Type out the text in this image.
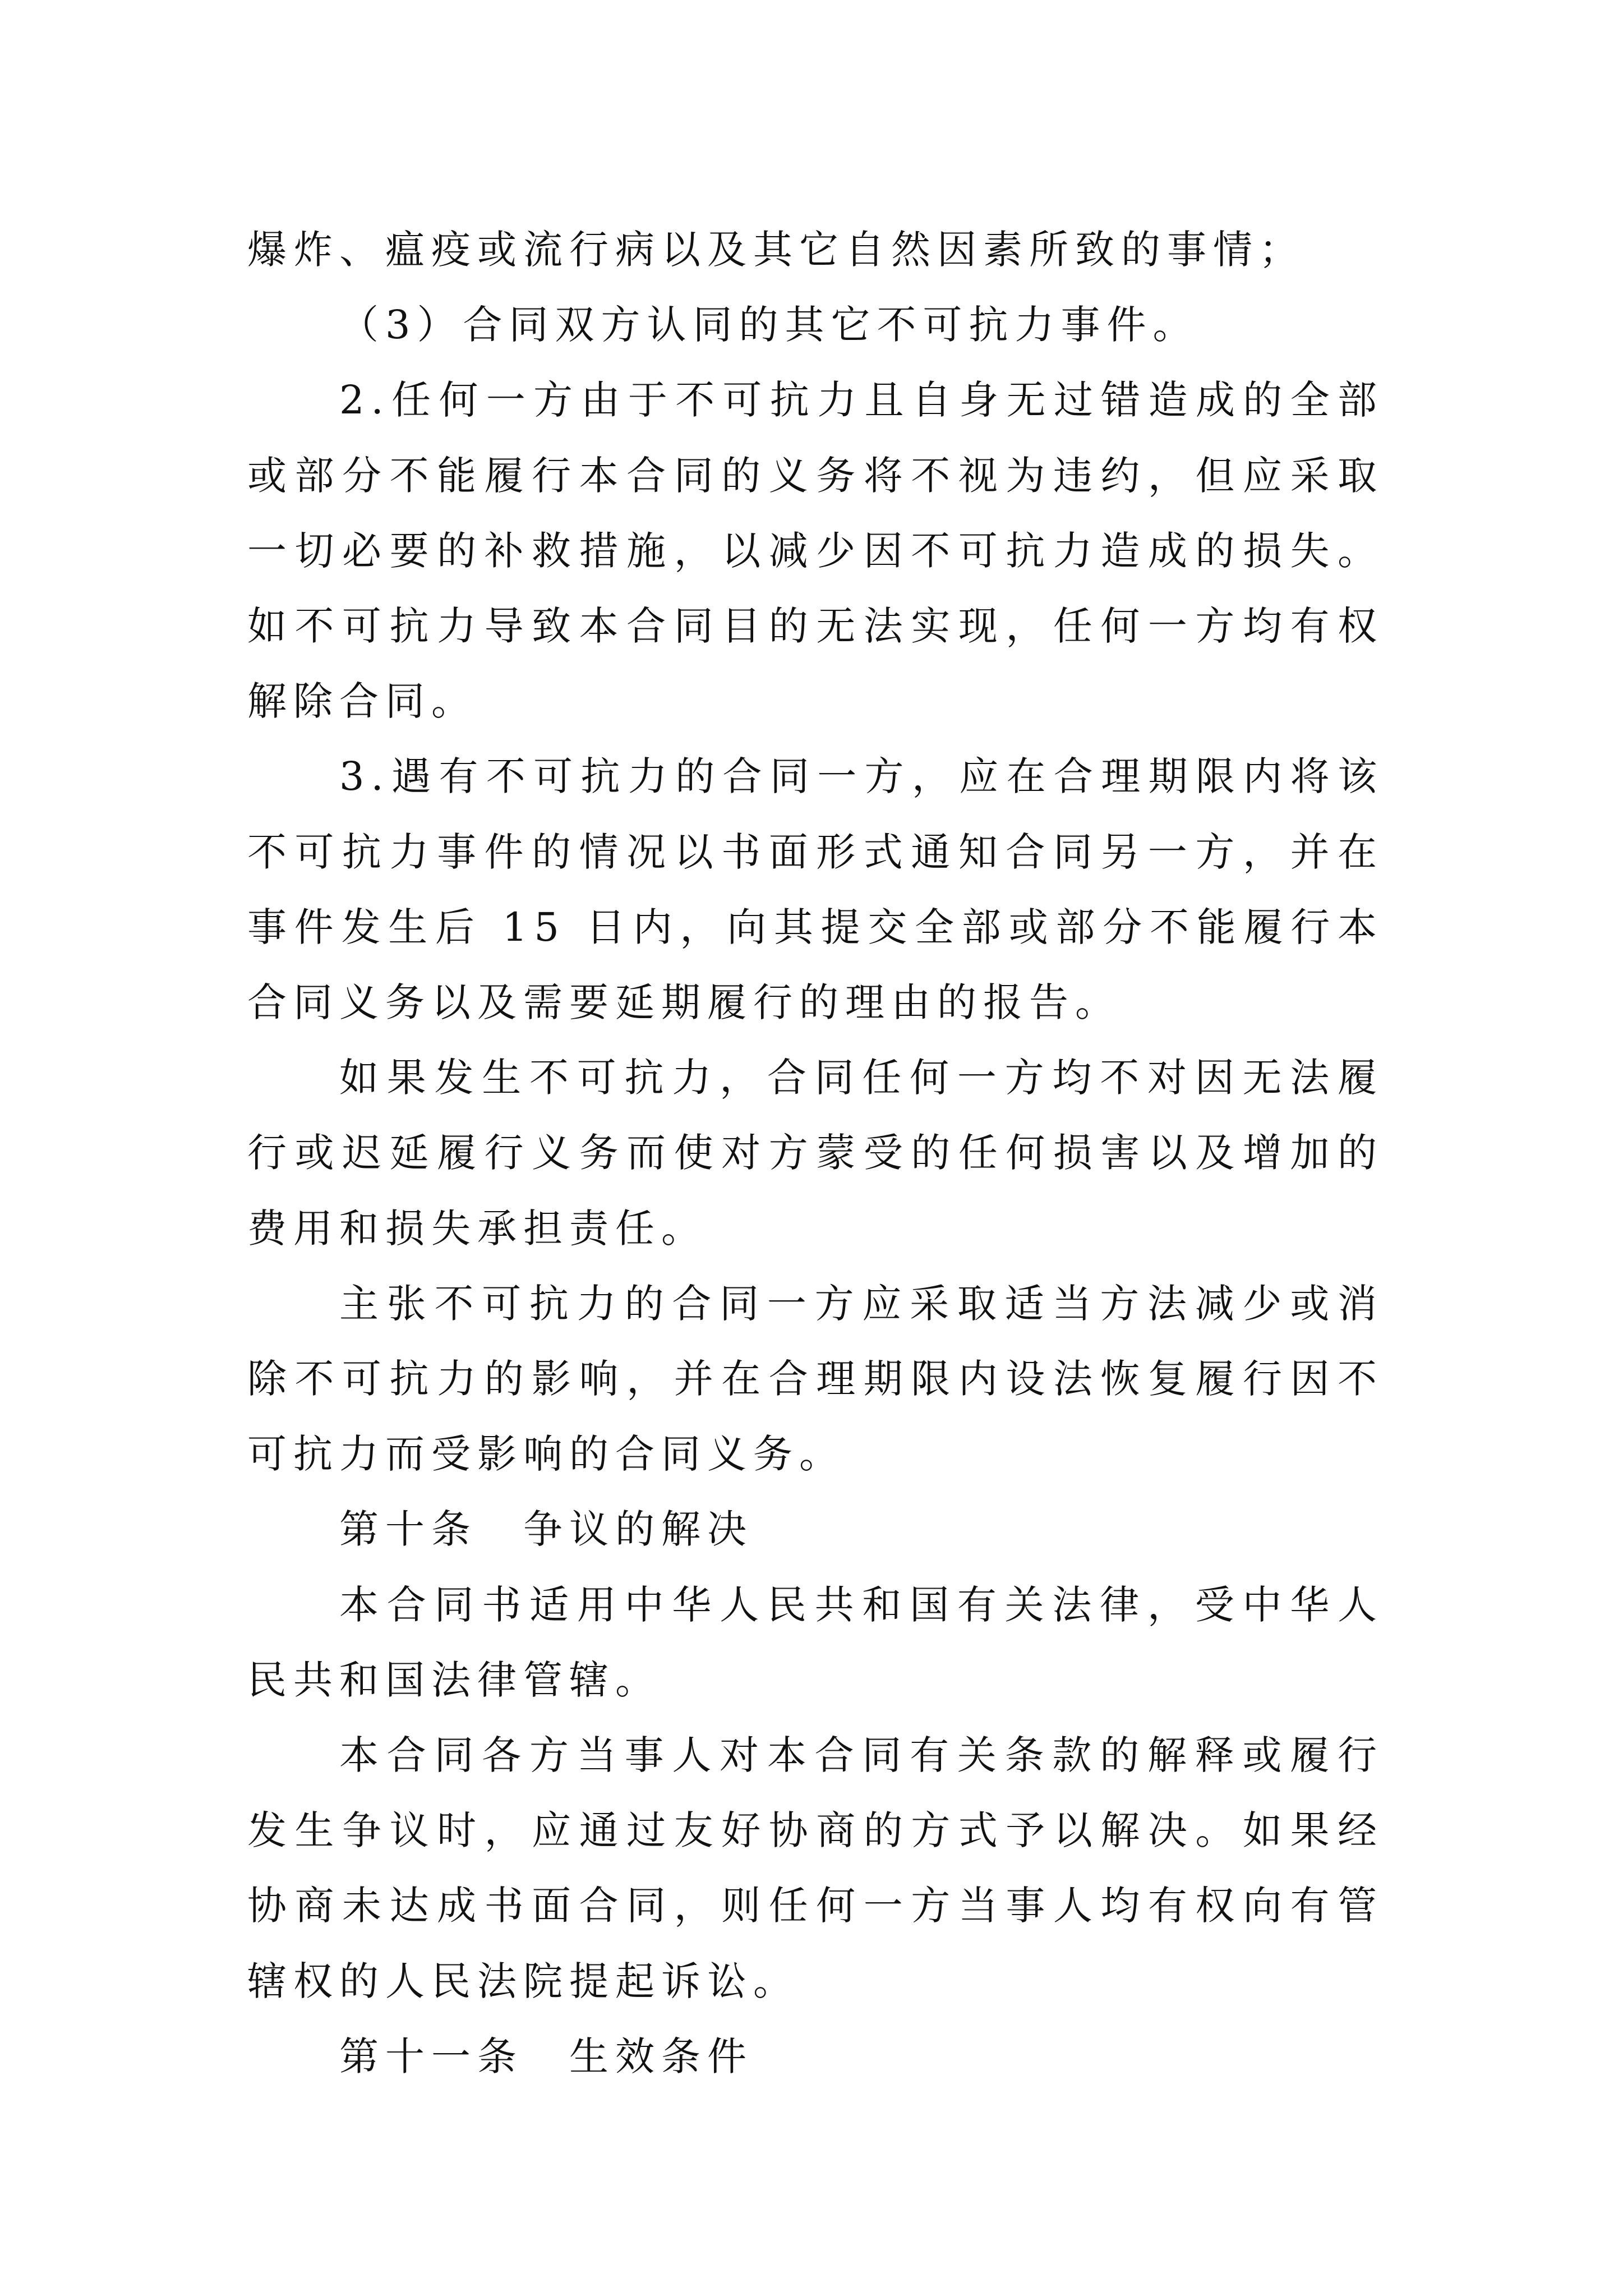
爆炸、瘟疫或流行病以及其它自然因素所致的事情；

（3）合同双方认同的其它不可抗力事件。

2.任何一方由于不可抗力且自身无过错造成的全部或部分不能履行本合同的义务将不视为违约，但应采取一切必要的补救措施，以减少因不可抗力造成的损失。如不可抗力导致本合同目的无法实现，任何一方均有权解除合同。

3.遇有不可抗力的合同一方，应在合理期限内将该不可抗力事件的情况以书面形式通知合同另一方，并在事件发生后 15 日内，向其提交全部或部分不能履行本合同义务以及需要延期履行的理由的报告。

如果发生不可抗力，合同任何一方均不对因无法履行或迟延履行义务而使对方蒙受的任何损害以及增加的费用和损失承担责任。

主张不可抗力的合同一方应采取适当方法减少或消除不可抗力的影响，并在合理期限内设法恢复履行因不可抗力而受影响的合同义务。

第十条　争议的解决

本合同书适用中华人民共和国有关法律，受中华人民共和国法律管辖。

本合同各方当事人对本合同有关条款的解释或履行发生争议时，应通过友好协商的方式予以解决。如果经协商未达成书面合同，则任何一方当事人均有权向有管辖权的人民法院提起诉讼。

第十一条　生效条件
